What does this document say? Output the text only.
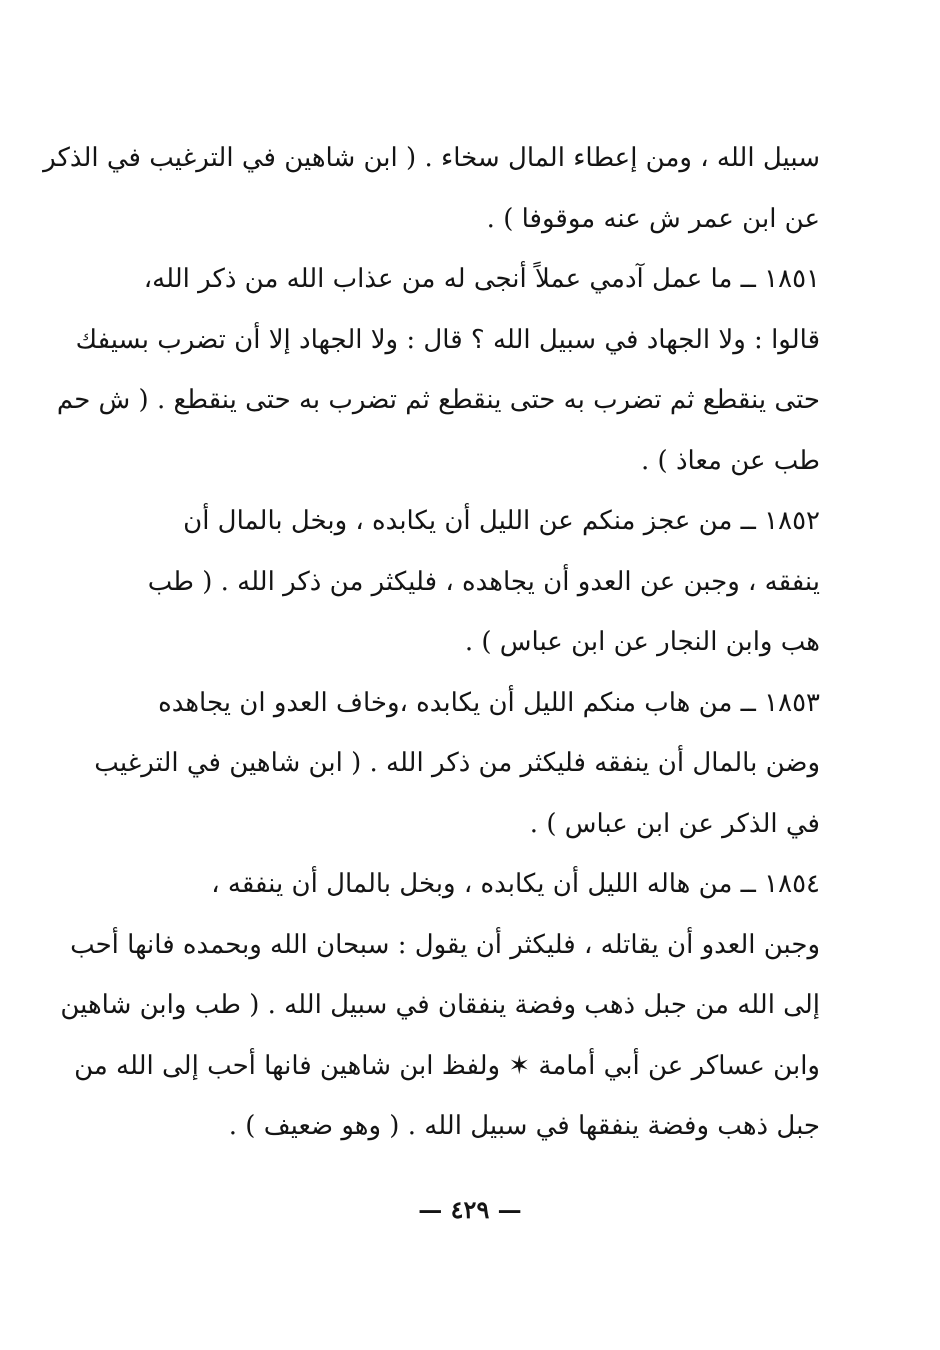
سبيل الله ، ومن إعطاء المال سخاء . ( ابن شاهين في الترغيب في الذكر
عن ابن عمر ش عنه موقوفا ) .
١٨٥١ ــ ما عمل آدمي عملاً أنجى له من عذاب الله من ذكر الله،
قالوا : ولا الجهاد في سبيل الله ؟ قال : ولا الجهاد إلا أن تضرب بسيفك
حتى ينقطع ثم تضرب به حتى ينقطع ثم تضرب به حتى ينقطع . ( ش حم
طب عن معاذ ) .
١٨٥٢ ــ من عجز منكم عن الليل أن يكابده ، وبخل بالمال أن
ينفقه ، وجبن عن العدو أن يجاهده ، فليكثر من ذكر الله . ( طب
هب وابن النجار عن ابن عباس ) .
١٨٥٣ ــ من هاب منكم الليل أن يكابده ،وخاف العدو ان يجاهده
وضن بالمال أن ينفقه فليكثر من ذكر الله . ( ابن شاهين في الترغيب
في الذكر عن ابن عباس ) .
١٨٥٤ ــ من هاله الليل أن يكابده ، وبخل بالمال أن ينفقه ،
وجبن العدو أن يقاتله ، فليكثر أن يقول : سبحان الله وبحمده فانها أحب
إلى الله من جبل ذهب وفضة ينفقان في سبيل الله . ( طب وابن شاهين
وابن عساكر عن أبي أمامة ✶ ولفظ ابن شاهين فانها أحب إلى الله من
جبل ذهب وفضة ينفقها في سبيل الله . ( وهو ضعيف ) .
— ٤٢٩ —
